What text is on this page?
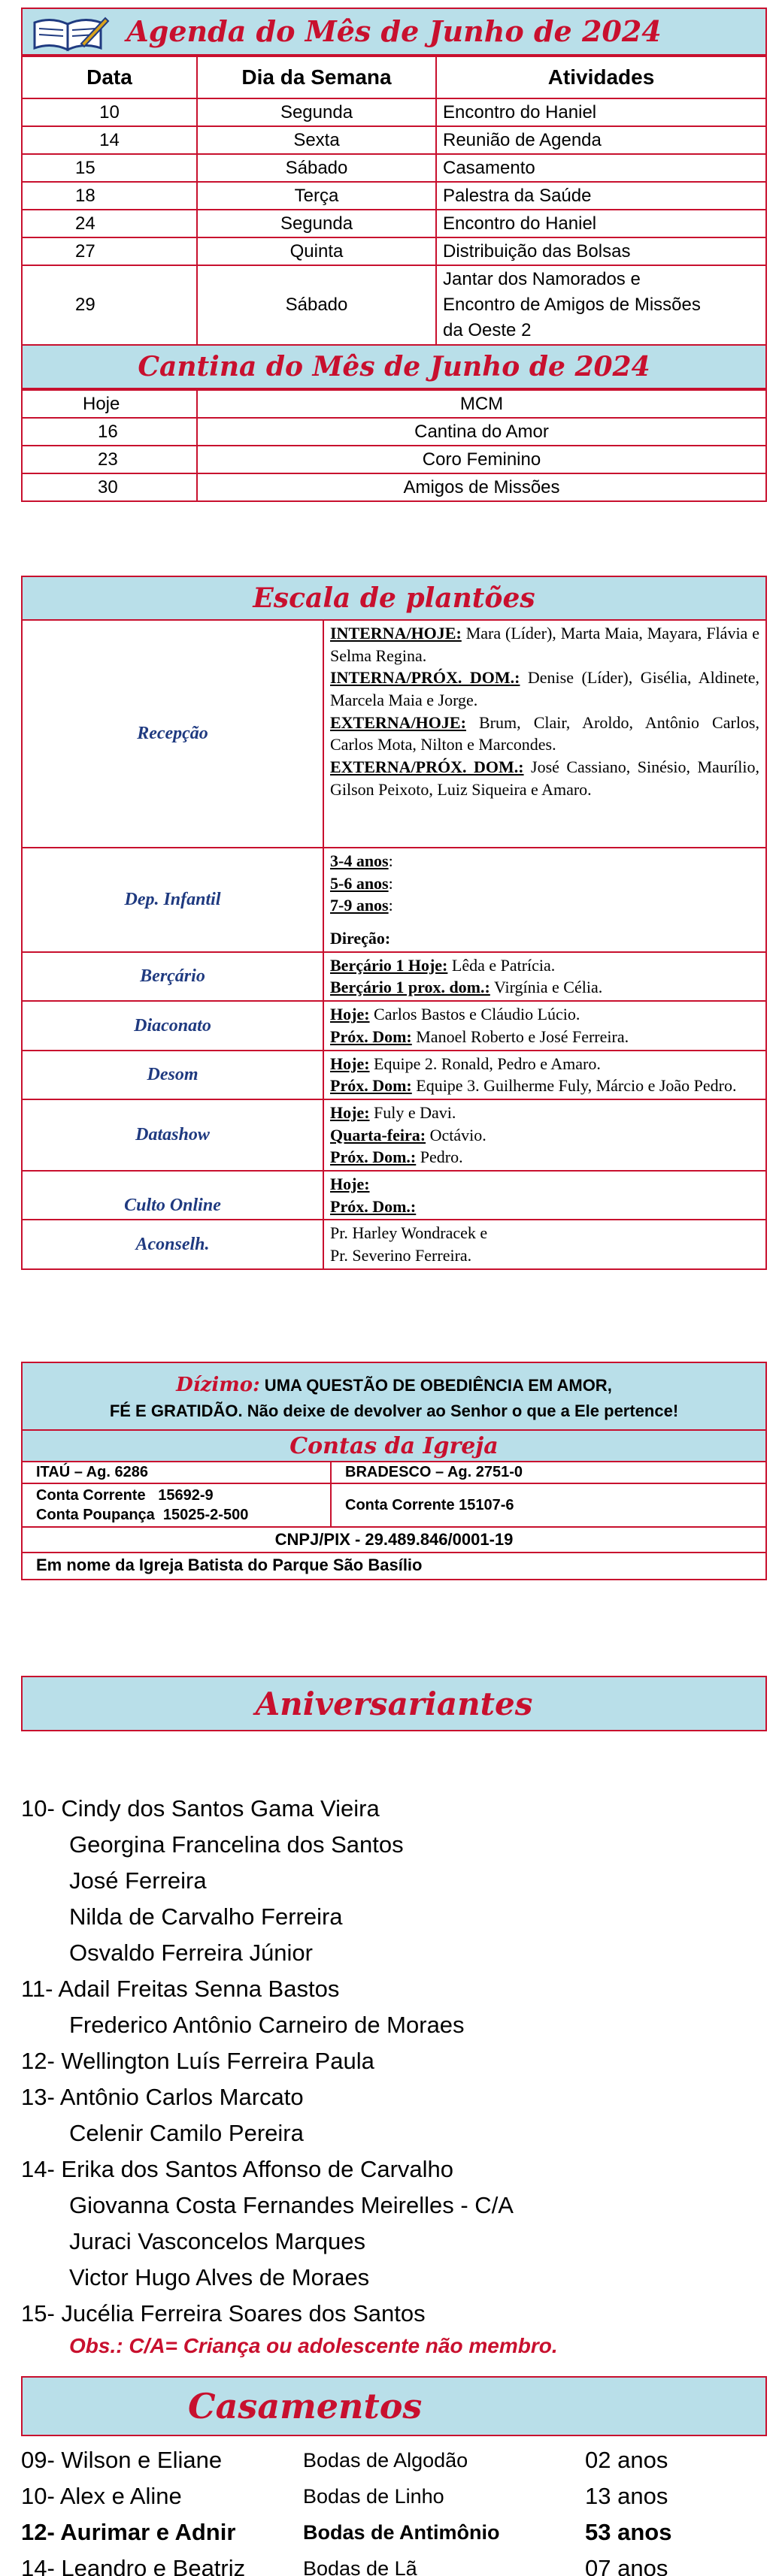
Agenda do Mês de Junho de 2024
Data	Dia da Semana	Atividades
10	Segunda	Encontro do Haniel
14	Sexta	Reunião de Agenda
15	Sábado	Casamento
18	Terça	Palestra da Saúde
24	Segunda	Encontro do Haniel
27	Quinta	Distribuição das Bolsas
29	Sábado	Jantar dos Namorados e Encontro de Amigos de Missões da Oeste 2
Cantina do Mês de Junho de 2024
Hoje	MCM
16	Cantina do Amor
23	Coro Feminino
30	Amigos de Missões
Escala de plantões
Recepção	INTERNA/HOJE: Mara (Líder), Marta Maia, Mayara, Flávia e Selma Regina.
INTERNA/PRÓX. DOM.: Denise (Líder), Gisélia, Aldinete, Marcela Maia e Jorge.
EXTERNA/HOJE: Brum, Clair, Aroldo, Antônio Carlos, Carlos Mota, Nilton e Marcondes.
EXTERNA/PRÓX. DOM.: José Cassiano, Sinésio, Maurílio, Gilson Peixoto, Luiz Siqueira e Amaro.
Dep. Infantil	3-4 anos:
5-6 anos:
7-9 anos:

Direção:
Berçário	Berçário 1 Hoje: Lêda e Patrícia.
Berçário 1 prox. dom.: Virgínia e Célia.
Diaconato	Hoje: Carlos Bastos e Cláudio Lúcio.
Próx. Dom: Manoel Roberto e José Ferreira.
Desom	Hoje: Equipe 2. Ronald, Pedro e Amaro.
Próx. Dom: Equipe 3. Guilherme Fuly, Márcio e João Pedro.
Datashow	Hoje: Fuly e Davi.
Quarta-feira: Octávio.
Próx. Dom.: Pedro.
Culto Online	Hoje:
Próx. Dom.:
Aconselh.	Pr. Harley Wondracek e
Pr. Severino Ferreira.
Dízimo: UMA QUESTÃO DE OBEDIÊNCIA EM AMOR,
FÉ E GRATIDÃO. Não deixe de devolver ao Senhor o que a Ele pertence!
Contas da Igreja
ITAÚ – Ag. 6286	BRADESCO – Ag. 2751-0
Conta Corrente   15692-9
Conta Poupança  15025-2-500	Conta Corrente 15107-6
CNPJ/PIX - 29.489.846/0001-19
Em nome da Igreja Batista do Parque São Basílio
Aniversariantes
10- Cindy dos Santos Gama Vieira
Georgina Francelina dos Santos
José Ferreira
Nilda de Carvalho Ferreira
Osvaldo Ferreira Júnior
11- Adail Freitas Senna Bastos
Frederico Antônio Carneiro de Moraes
12- Wellington Luís Ferreira Paula
13- Antônio Carlos Marcato
Celenir Camilo Pereira
14- Erika dos Santos Affonso de Carvalho
Giovanna Costa Fernandes Meirelles - C/A
Juraci Vasconcelos Marques
Victor Hugo Alves de Moraes
15- Jucélia Ferreira Soares dos Santos
Obs.: C/A= Criança ou adolescente não membro.
Casamentos
09- Wilson e Eliane	Bodas de Algodão	02 anos
10- Alex e Aline	Bodas de Linho	13 anos
12- Aurimar e Adnir	Bodas de Antimônio	53 anos
14- Leandro e Beatriz	Bodas de Lã	07 anos
